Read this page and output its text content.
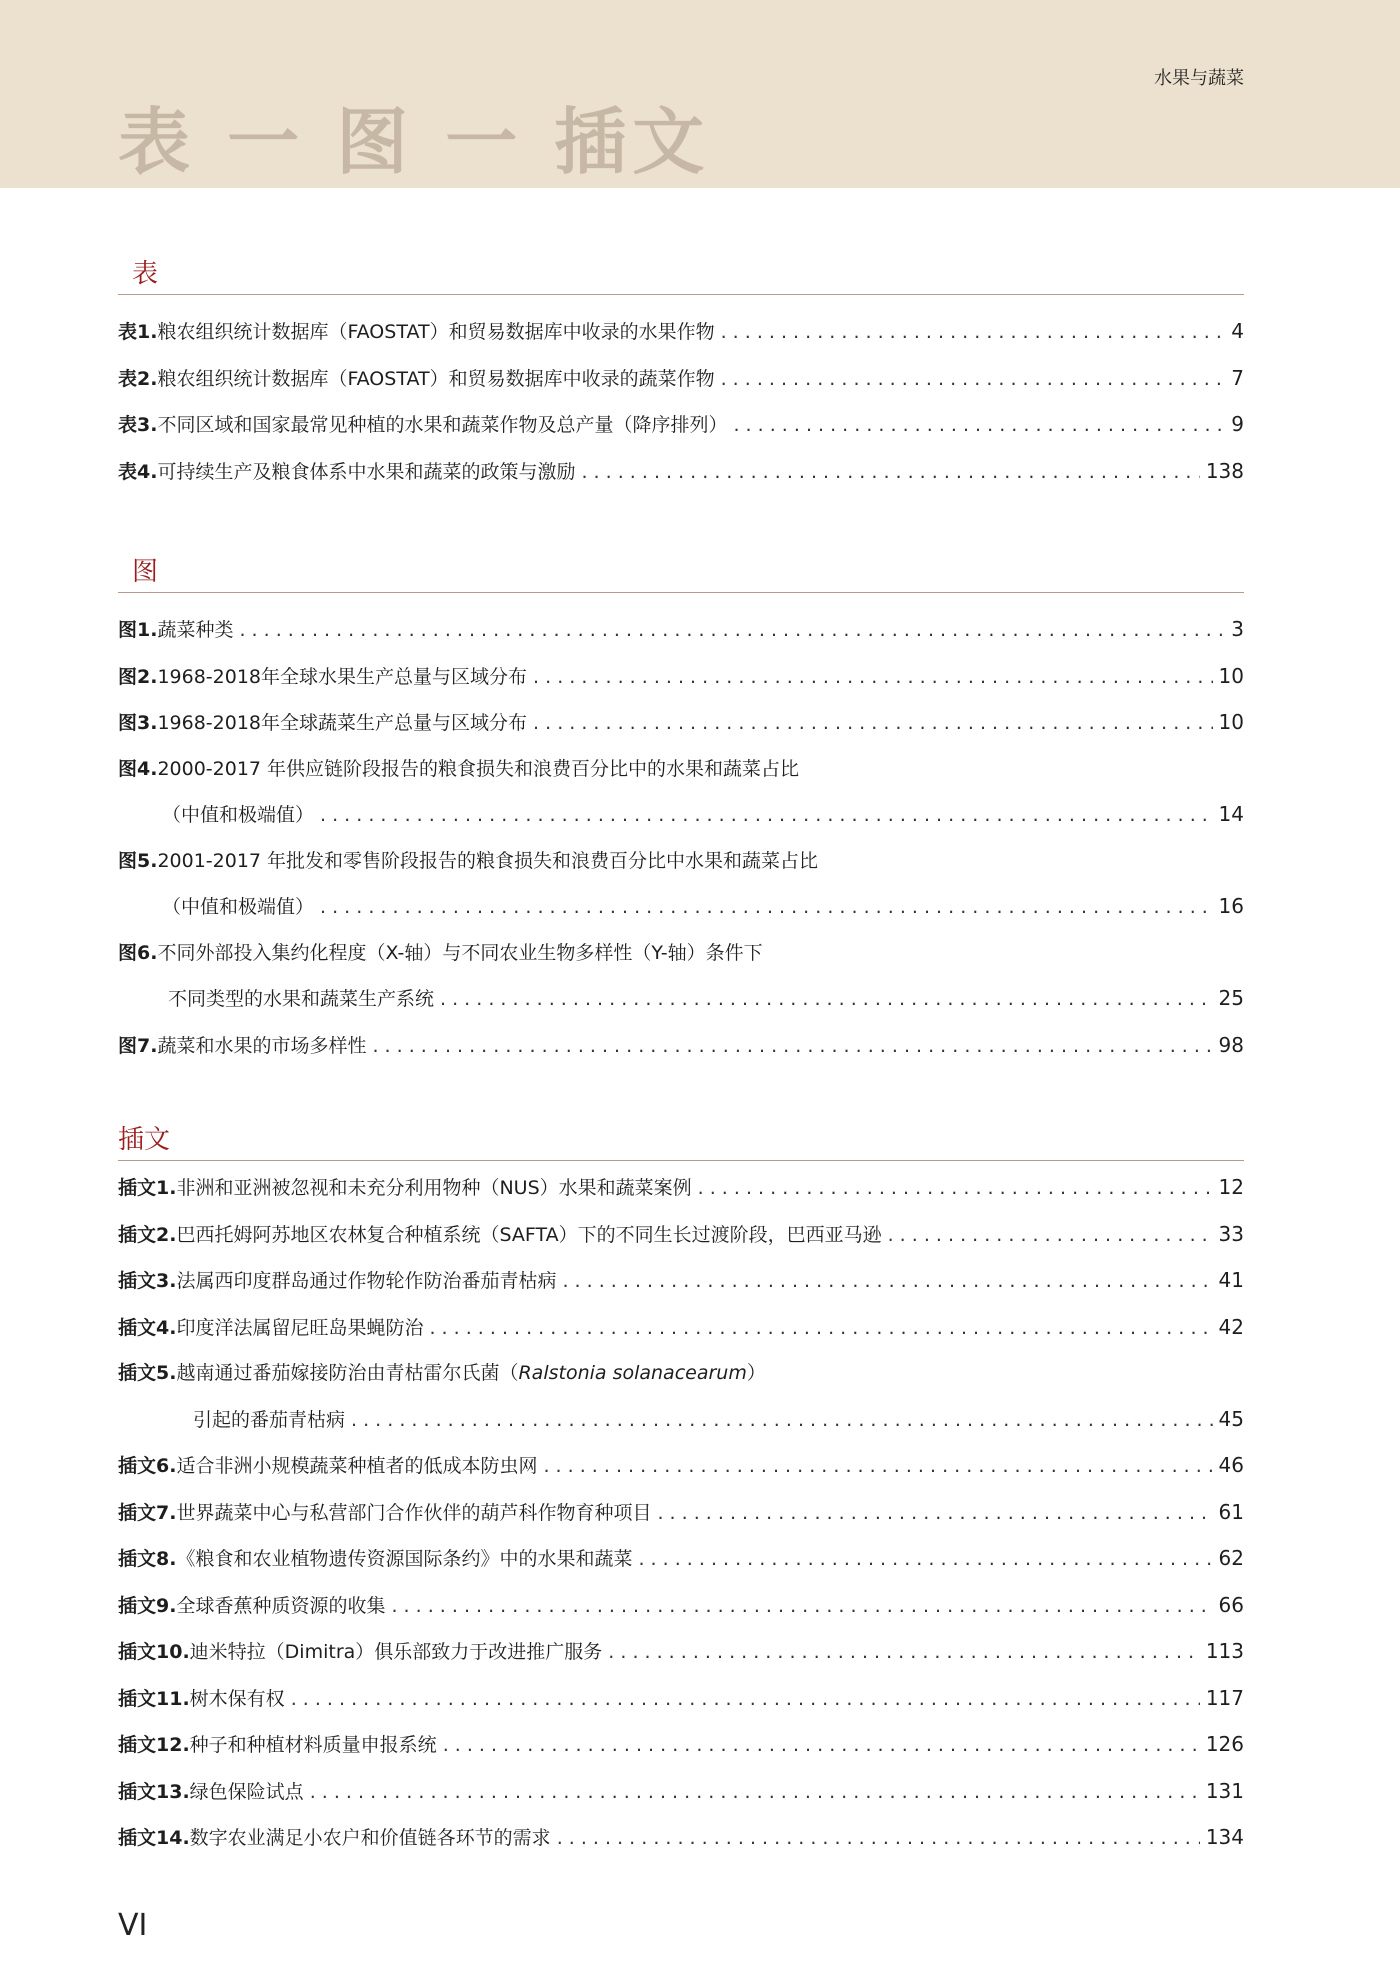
水果与蔬菜
表 一 图 一 插文
表
表1. 粮农组织统计数据库（FAOSTAT）和贸易数据库中收录的水果作物 . . .	4
表2. 粮农组织统计数据库（FAOSTAT）和贸易数据库中收录的蔬菜作物 . . .	7
表3. 不同区域和国家最常见种植的水果和蔬菜作物及总产量（降序排列） . . .	9
表4. 可持续生产及粮食体系中水果和蔬菜的政策与激励 . . .	138
图
图1. 蔬菜种类 . . .	3
图2. 1968-2018年全球水果生产总量与区域分布 . . .	10
图3. 1968-2018年全球蔬菜生产总量与区域分布 . . .	10
图4. 2000-2017 年供应链阶段报告的粮食损失和浪费百分比中的水果和蔬菜占比
（中值和极端值） . . .	14
图5. 2001-2017 年批发和零售阶段报告的粮食损失和浪费百分比中水果和蔬菜占比
（中值和极端值） . . .	16
图6. 不同外部投入集约化程度（X-轴）与不同农业生物多样性（Y-轴）条件下
不同类型的水果和蔬菜生产系统 . . .	25
图7. 蔬菜和水果的市场多样性 . . .	98
插文
插文1. 非洲和亚洲被忽视和未充分利用物种（NUS）水果和蔬菜案例 . . .	12
插文2. 巴西托姆阿苏地区农林复合种植系统（SAFTA）下的不同生长过渡阶段，巴西亚马逊 . . .	33
插文3. 法属西印度群岛通过作物轮作防治番茄青枯病 . . .	41
插文4. 印度洋法属留尼旺岛果蝇防治 . . .	42
插文5. 越南通过番茄嫁接防治由青枯雷尔氏菌（Ralstonia solanacearum）
引起的番茄青枯病 . . .	45
插文6. 适合非洲小规模蔬菜种植者的低成本防虫网 . . .	46
插文7. 世界蔬菜中心与私营部门合作伙伴的葫芦科作物育种项目 . . .	61
插文8. 《粮食和农业植物遗传资源国际条约》中的水果和蔬菜 . . .	62
插文9. 全球香蕉种质资源的收集 . . .	66
插文10. 迪米特拉（Dimitra）俱乐部致力于改进推广服务 . . .	113
插文11. 树木保有权 . . .	117
插文12. 种子和种植材料质量申报系统 . . .	126
插文13. 绿色保险试点 . . .	131
插文14. 数字农业满足小农户和价值链各环节的需求 . . .	134
VI
